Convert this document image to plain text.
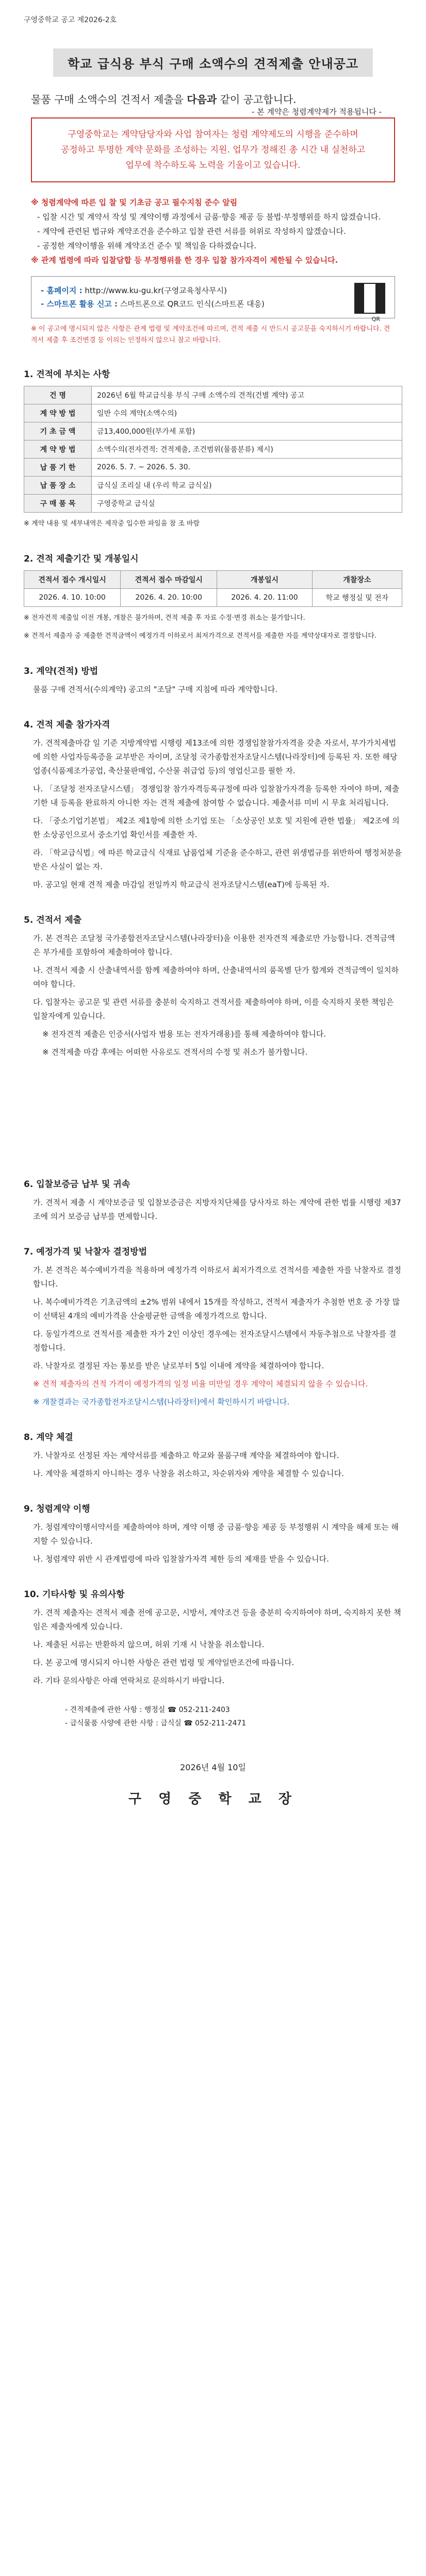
구영중학교 공고 제2026-2호
학교 급식용 부식 구매 소액수의 견적제출 안내공고
물품 구매 소액수의 견적서 제출을 다음과 같이 공고합니다.
- 본 계약은 청렴계약제가 적용됩니다 -
구영중학교는 계약담당자와 사업 참여자는 청렴 계약제도의 시행을 준수하며
공정하고 투명한 계약 문화를 조성하는 지원. 업무가 정해진 총 시간 내 실천하고
업무에 착수하도록 노력을 기울이고 있습니다.
※ 청렴계약에 따른 입 찰 및 기초금 공고 필수지침 준수 알림
- 입찰 시간 및 계약서 작성 및 계약이행 과정에서 금품·향응 제공 등 불법·부정행위를 하지 않겠습니다.
- 계약에 관련된 법규와 계약조건을 준수하고 입찰 관련 서류를 허위로 작성하지 않겠습니다.
- 공정한 계약이행을 위해 계약조건 준수 및 책임을 다하겠습니다.
※ 관계 법령에 따라 입찰담합 등 부정행위를 한 경우 입찰 참가자격이 제한될 수 있습니다.
- 홈페이지 : http://www.ku-gu.kr(구영교육청사무시)
- 스마트폰 활용 신고 : 스마트폰으로 QR코드 인식(스마트폰 대응)
QR
※ 이 공고에 명시되지 않은 사항은 관계 법령 및 계약조건에 따르며, 견적 제출 시 반드시 공고문을 숙지하시기 바랍니다. 견적서 제출 후 조건변경 등 이의는 인정하지 않으니 참고 바랍니다.
1. 견적에 부치는 사항
건 명	2026년 6월 학교급식용 부식 구매 소액수의 견적(건별 계약) 공고
계 약 방 법	일반 수의 계약(소액수의)
기 초 금 액	금13,400,000원(부가세 포함)
계 약 방 법	소액수의(전자견적: 견적제출, 조건범위(물품분류) 제시)
납 품 기 한	2026. 5. 7. ~ 2026. 5. 30.
납 품 장 소	급식실 조리실 내 (우리 학교 급식실)
구 매 품 목	구영중학교 급식실

※ 계약 내용 및 세부내역은 제작중 입수한 파일을 참 조 바람

2. 견적 제출기간 및 개봉일시
견적서 접수 개시일시	견적서 접수 마감일시	개봉일시	개찰장소
2026. 4. 10. 10:00	2026. 4. 20. 10:00	2026. 4. 20. 11:00	학교 행정실 및 전자

※ 전자견적 제출일 이전 개봉, 개찰은 불가하며, 견적 제출 후 자료 수정·변경 취소는 불가합니다.

※ 견적서 제출자 중 제출한 견적금액이 예정가격 이하로서 최저가격으로 견적서를 제출한 자를 계약상대자로 결정합니다.

3. 계약(견적) 방법

물품 구매 견적서(수의계약) 공고의 "조달" 구매 지침에 따라 계약합니다.

4. 견적 제출 참가자격

가. 견적제출마감 일 기준 지방계약법 시행령 제13조에 의한 경쟁입찰참가자격을 갖춘 자로서, 부가가치세법에 의한 사업자등록증을 교부받은 자이며, 조달청 국가종합전자조달시스템(나라장터)에 등록된 자. 또한 해당 업종(식품제조가공업, 축산물판매업, 수산물 취급업 등)의 영업신고를 필한 자.

나. 「조달청 전자조달시스템」 경쟁입찰 참가자격등록규정에 따라 입찰참가자격을 등록한 자여야 하며, 제출 기한 내 등록을 완료하지 아니한 자는 견적 제출에 참여할 수 없습니다. 제출서류 미비 시 무효 처리됩니다.

다. 「중소기업기본법」 제2조 제1항에 의한 소기업 또는 「소상공인 보호 및 지원에 관한 법률」 제2조에 의한 소상공인으로서 중소기업 확인서를 제출한 자.

라. 「학교급식법」에 따른 학교급식 식재료 납품업체 기준을 준수하고, 관련 위생법규를 위반하여 행정처분을 받은 사실이 없는 자.

마. 공고일 현재 견적 제출 마감일 전일까지 학교급식 전자조달시스템(eaT)에 등록된 자.

5. 견적서 제출

가. 본 견적은 조달청 국가종합전자조달시스템(나라장터)을 이용한 전자견적 제출로만 가능합니다. 견적금액은 부가세를 포함하여 제출하여야 합니다.

나. 견적서 제출 시 산출내역서를 함께 제출하여야 하며, 산출내역서의 품목별 단가 합계와 견적금액이 일치하여야 합니다.

다. 입찰자는 공고문 및 관련 서류를 충분히 숙지하고 견적서를 제출하여야 하며, 이를 숙지하지 못한 책임은 입찰자에게 있습니다.

※ 전자견적 제출은 인증서(사업자 범용 또는 전자거래용)를 통해 제출하여야 합니다.

※ 견적제출 마감 후에는 어떠한 사유로도 견적서의 수정 및 취소가 불가합니다.

6. 입찰보증금 납부 및 귀속

가. 견적서 제출 시 계약보증금 및 입찰보증금은 지방자치단체를 당사자로 하는 계약에 관한 법률 시행령 제37조에 의거 보증금 납부를 면제합니다.

7. 예정가격 및 낙찰자 결정방법

가. 본 견적은 복수예비가격을 적용하며 예정가격 이하로서 최저가격으로 견적서를 제출한 자를 낙찰자로 결정합니다.

나. 복수예비가격은 기초금액의 ±2% 범위 내에서 15개를 작성하고, 견적서 제출자가 추첨한 번호 중 가장 많이 선택된 4개의 예비가격을 산술평균한 금액을 예정가격으로 합니다.

다. 동일가격으로 견적서를 제출한 자가 2인 이상인 경우에는 전자조달시스템에서 자동추첨으로 낙찰자를 결정합니다.

라. 낙찰자로 결정된 자는 통보를 받은 날로부터 5일 이내에 계약을 체결하여야 합니다.

※ 견적 제출자의 견적 가격이 예정가격의 일정 비율 미만일 경우 계약이 체결되지 않을 수 있습니다.

※ 개찰결과는 국가종합전자조달시스템(나라장터)에서 확인하시기 바랍니다.

8. 계약 체결

가. 낙찰자로 선정된 자는 계약서류를 제출하고 학교와 물품구매 계약을 체결하여야 합니다.

나. 계약을 체결하지 아니하는 경우 낙찰을 취소하고, 차순위자와 계약을 체결할 수 있습니다.

9. 청렴계약 이행

가. 청렴계약이행서약서를 제출하여야 하며, 계약 이행 중 금품·향응 제공 등 부정행위 시 계약을 해제 또는 해지할 수 있습니다.

나. 청렴계약 위반 시 관계법령에 따라 입찰참가자격 제한 등의 제재를 받을 수 있습니다.

10. 기타사항 및 유의사항

가. 견적 제출자는 견적서 제출 전에 공고문, 시방서, 계약조건 등을 충분히 숙지하여야 하며, 숙지하지 못한 책임은 제출자에게 있습니다.

나. 제출된 서류는 반환하지 않으며, 허위 기재 시 낙찰을 취소합니다.

다. 본 공고에 명시되지 아니한 사항은 관련 법령 및 계약일반조건에 따릅니다.

라. 기타 문의사항은 아래 연락처로 문의하시기 바랍니다.

- 견적제출에 관한 사항 : 행정실 ☎ 052-211-2403
- 급식물품 사양에 관한 사항 : 급식실 ☎ 052-211-2471
2026년 4월 10일
구 영 중 학 교 장
